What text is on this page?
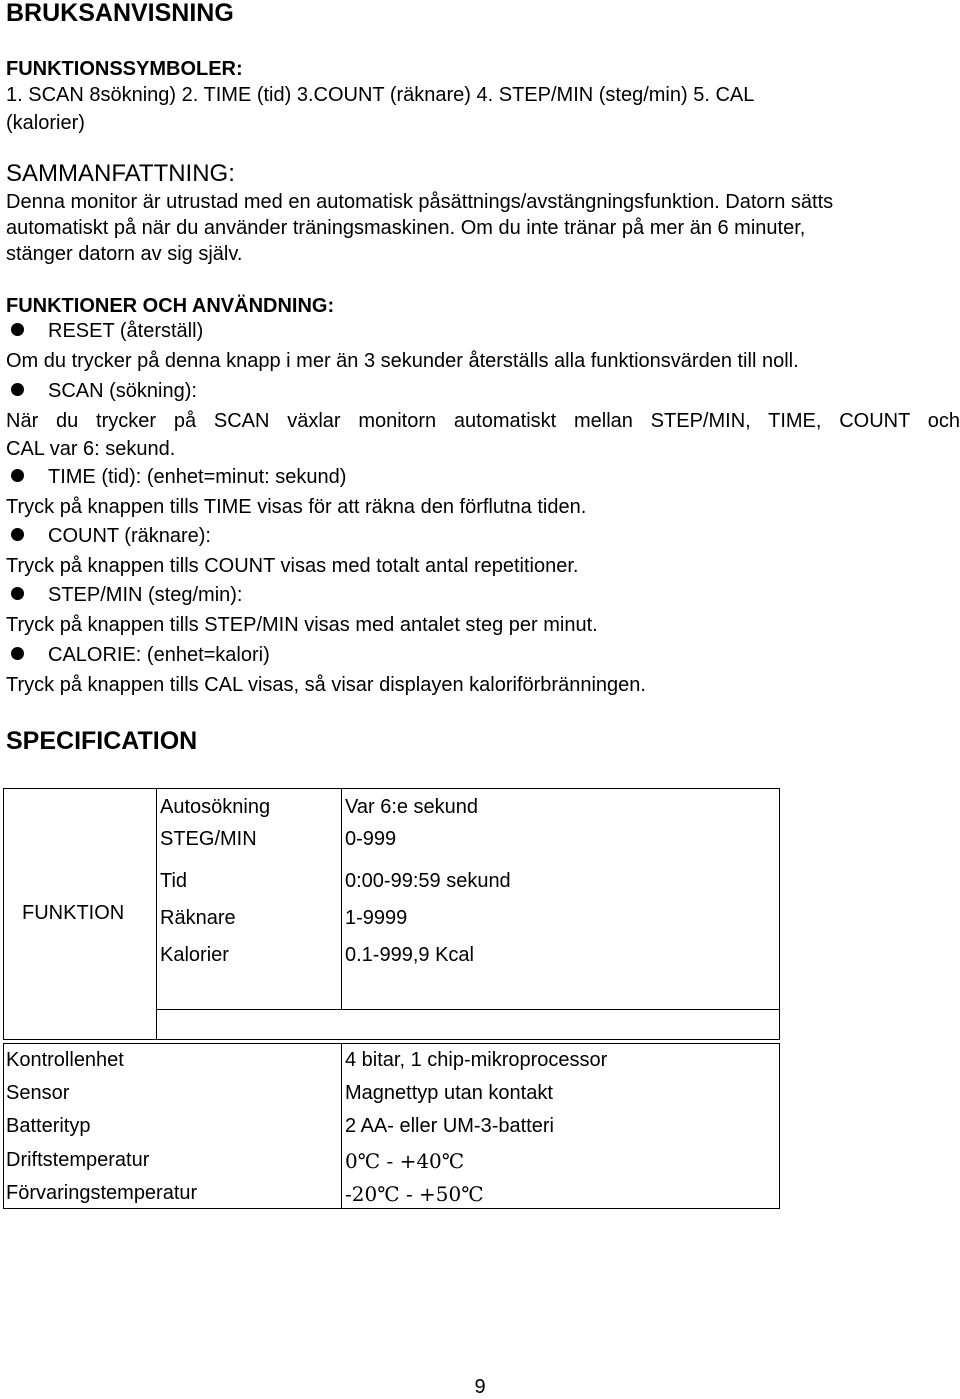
BRUKSANVISNING
FUNKTIONSSYMBOLER:
1. SCAN 8sökning) 2. TIME (tid) 3.COUNT (räknare) 4. STEP/MIN (steg/min) 5. CAL
(kalorier)
SAMMANFATTNING:
Denna monitor är utrustad med en automatisk påsättnings/avstängningsfunktion. Datorn sätts
automatiskt på när du använder träningsmaskinen. Om du inte tränar på mer än 6 minuter,
stänger datorn av sig själv.
FUNKTIONER OCH ANVÄNDNING:
RESET (återställ)
Om du trycker på denna knapp i mer än 3 sekunder återställs alla funktionsvärden till noll.
SCAN (sökning):
När du trycker på SCAN växlar monitorn automatiskt mellan STEP/MIN, TIME, COUNT och
CAL var 6: sekund.
TIME (tid): (enhet=minut: sekund)
Tryck på knappen tills TIME visas för att räkna den förflutna tiden.
COUNT (räknare):
Tryck på knappen tills COUNT visas med totalt antal repetitioner.
STEP/MIN (steg/min):
Tryck på knappen tills STEP/MIN visas med antalet steg per minut.
CALORIE: (enhet=kalori)
Tryck på knappen tills CAL visas, så visar displayen kaloriförbränningen.
SPECIFICATION
FUNKTION
Autosökning	Var 6:e sekund
STEG/MIN	0-999
Tid	0:00-99:59 sekund
Räknare	1-9999
Kalorier	0.1-999,9 Kcal
Kontrollenhet	4 bitar, 1 chip-mikroprocessor
Sensor	Magnettyp utan kontakt
Batterityp	2 AA- eller UM-3-batteri
Driftstemperatur	0℃ - +40℃
Förvaringstemperatur	-20℃ - +50℃
9
